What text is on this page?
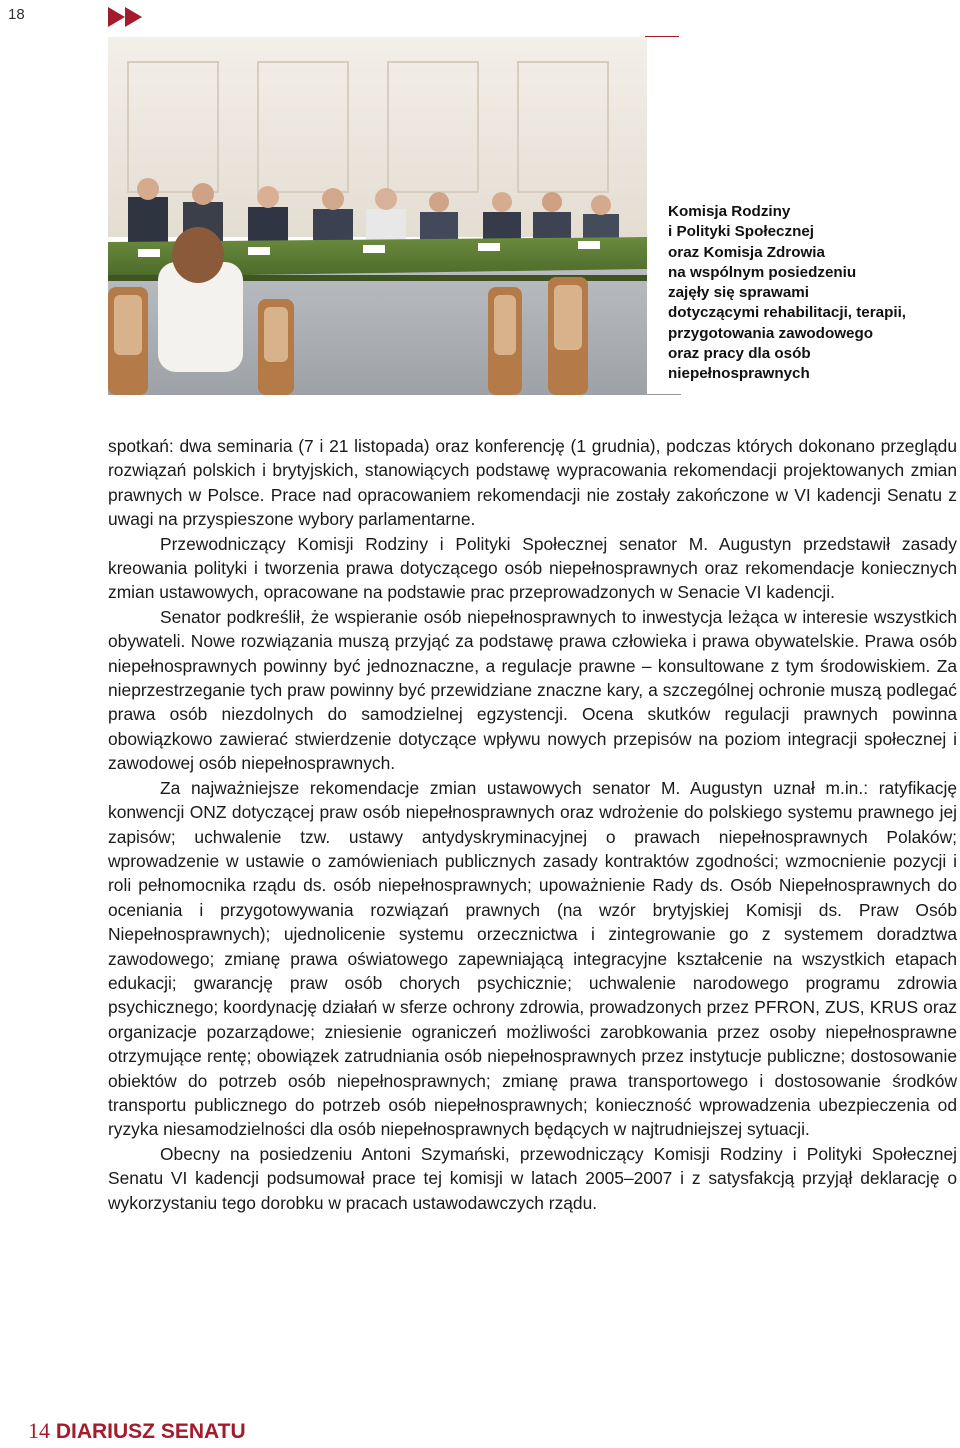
18
Komisja Rodziny
i Polityki Społecznej
oraz Komisja Zdrowia
na wspólnym posiedzeniu
zajęły się sprawami
dotyczącymi rehabilitacji, terapii,
przygotowania zawodowego
oraz pracy dla osób
niepełnosprawnych

spotkań: dwa seminaria (7 i 21 listopada) oraz konferencję (1 grudnia), podczas których dokonano przeglądu rozwiązań polskich i brytyjskich, stanowiących podstawę wypracowania rekomendacji projektowanych zmian prawnych w Polsce. Prace nad opracowaniem rekomendacji nie zostały zakończone w VI kadencji Senatu z uwagi na przyspieszone wybory parlamentarne.

Przewodniczący Komisji Rodziny i Polityki Społecznej senator M. Augustyn przedstawił zasady kreowania polityki i tworzenia prawa dotyczącego osób niepełnosprawnych oraz rekomendacje koniecznych zmian ustawowych, opracowane na podstawie prac przeprowadzonych w Senacie VI kadencji.

Senator podkreślił, że wspieranie osób niepełnosprawnych to inwestycja leżąca w interesie wszystkich obywateli. Nowe rozwiązania muszą przyjąć za podstawę prawa człowieka i prawa obywatelskie. Prawa osób niepełnosprawnych powinny być jednoznaczne, a regulacje prawne – konsultowane z tym środowiskiem. Za nieprzestrzeganie tych praw powinny być przewidziane znaczne kary, a szczególnej ochronie muszą podlegać prawa osób niezdolnych do samodzielnej egzystencji. Ocena skutków regulacji prawnych powinna obowiązkowo zawierać stwierdzenie dotyczące wpływu nowych przepisów na poziom integracji społecznej i zawodowej osób niepełnosprawnych.

Za najważniejsze rekomendacje zmian ustawowych senator M. Augustyn uznał m.in.: ratyfikację konwencji ONZ dotyczącej praw osób niepełnosprawnych oraz wdrożenie do polskiego systemu prawnego jej zapisów; uchwalenie tzw. ustawy antydyskryminacyjnej o prawach niepełnosprawnych Polaków; wprowadzenie w ustawie o zamówieniach publicznych zasady kontraktów zgodności; wzmocnienie pozycji i roli pełnomocnika rządu ds. osób niepełnosprawnych; upoważnienie Rady ds. Osób Niepełnosprawnych do oceniania i przygotowywania rozwiązań prawnych (na wzór brytyjskiej Komisji ds. Praw Osób Niepełnosprawnych); ujednolicenie systemu orzecznictwa i zintegrowanie go z systemem doradztwa zawodowego; zmianę prawa oświatowego zapewniającą integracyjne kształcenie na wszystkich etapach edukacji; gwarancję praw osób chorych psychicznie; uchwalenie narodowego programu zdrowia psychicznego; koordynację działań w sferze ochrony zdrowia, prowadzonych przez PFRON, ZUS, KRUS oraz organizacje pozarządowe; zniesienie ograniczeń możliwości zarobkowania przez osoby niepełnosprawne otrzymujące rentę; obowiązek zatrudniania osób niepełnosprawnych przez instytucje publiczne; dostosowanie obiektów do potrzeb osób niepełnosprawnych; zmianę prawa transportowego i dostosowanie środków transportu publicznego do potrzeb osób niepełnosprawnych; konieczność wprowadzenia ubezpieczenia od ryzyka niesamodzielności dla osób niepełnosprawnych będących w najtrudniejszej sytuacji.

Obecny na posiedzeniu Antoni Szymański, przewodniczący Komisji Rodziny i Polityki Społecznej Senatu VI kadencji podsumował prace tej komisji w latach 2005–2007 i z satysfakcją przyjął deklarację o wykorzystaniu tego dorobku w pracach ustawodawczych rządu.

14 DIARIUSZ SENATU
